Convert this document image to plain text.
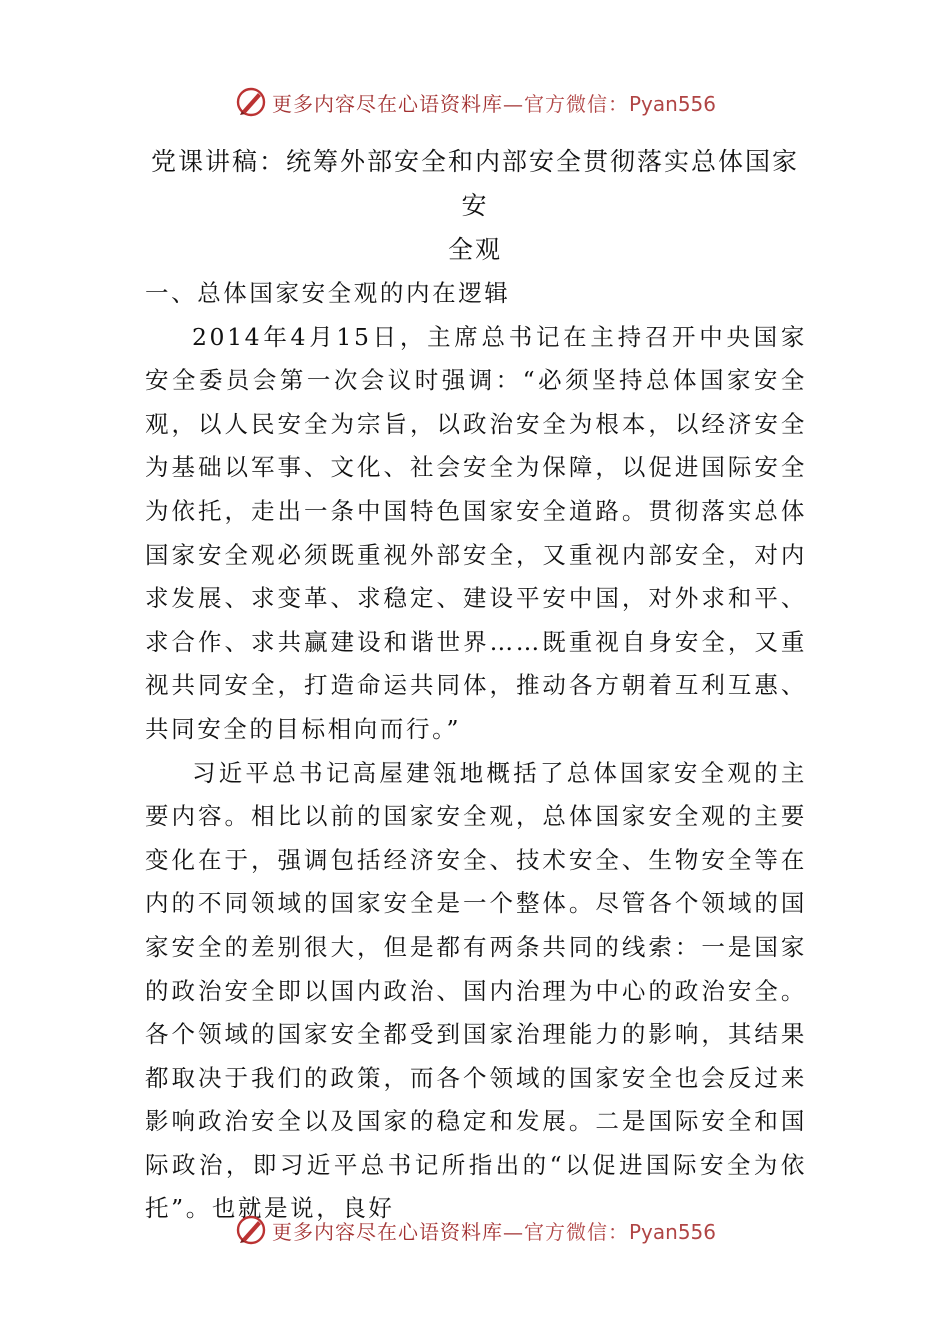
更多内容尽在心语资料库—官方微信：Pyan556
党课讲稿：统筹外部安全和内部安全贯彻落实总体国家安
全观

一、总体国家安全观的内在逻辑

2014年4月15日，主席总书记在主持召开中央国家安全委员会第一次会议时强调：“必须坚持总体国家安全观，以人民安全为宗旨，以政治安全为根本，以经济安全为基础以军事、文化、社会安全为保障，以促进国际安全为依托，走出一条中国特色国家安全道路。贯彻落实总体国家安全观必须既重视外部安全，又重视内部安全，对内求发展、求变革、求稳定、建设平安中国，对外求和平、求合作、求共赢建设和谐世界……既重视自身安全，又重视共同安全，打造命运共同体，推动各方朝着互利互惠、共同安全的目标相向而行。”

习近平总书记高屋建瓴地概括了总体国家安全观的主要内容。相比以前的国家安全观，总体国家安全观的主要变化在于，强调包括经济安全、技术安全、生物安全等在内的不同领域的国家安全是一个整体。尽管各个领域的国家安全的差别很大，但是都有两条共同的线索：一是国家的政治安全即以国内政治、国内治理为中心的政治安全。各个领域的国家安全都受到国家治理能力的影响，其结果都取决于我们的政策，而各个领域的国家安全也会反过来影响政治安全以及国家的稳定和发展。二是国际安全和国际政治，即习近平总书记所指出的“以促进国际安全为依托”。也就是说，良好

更多内容尽在心语资料库—官方微信：Pyan556
